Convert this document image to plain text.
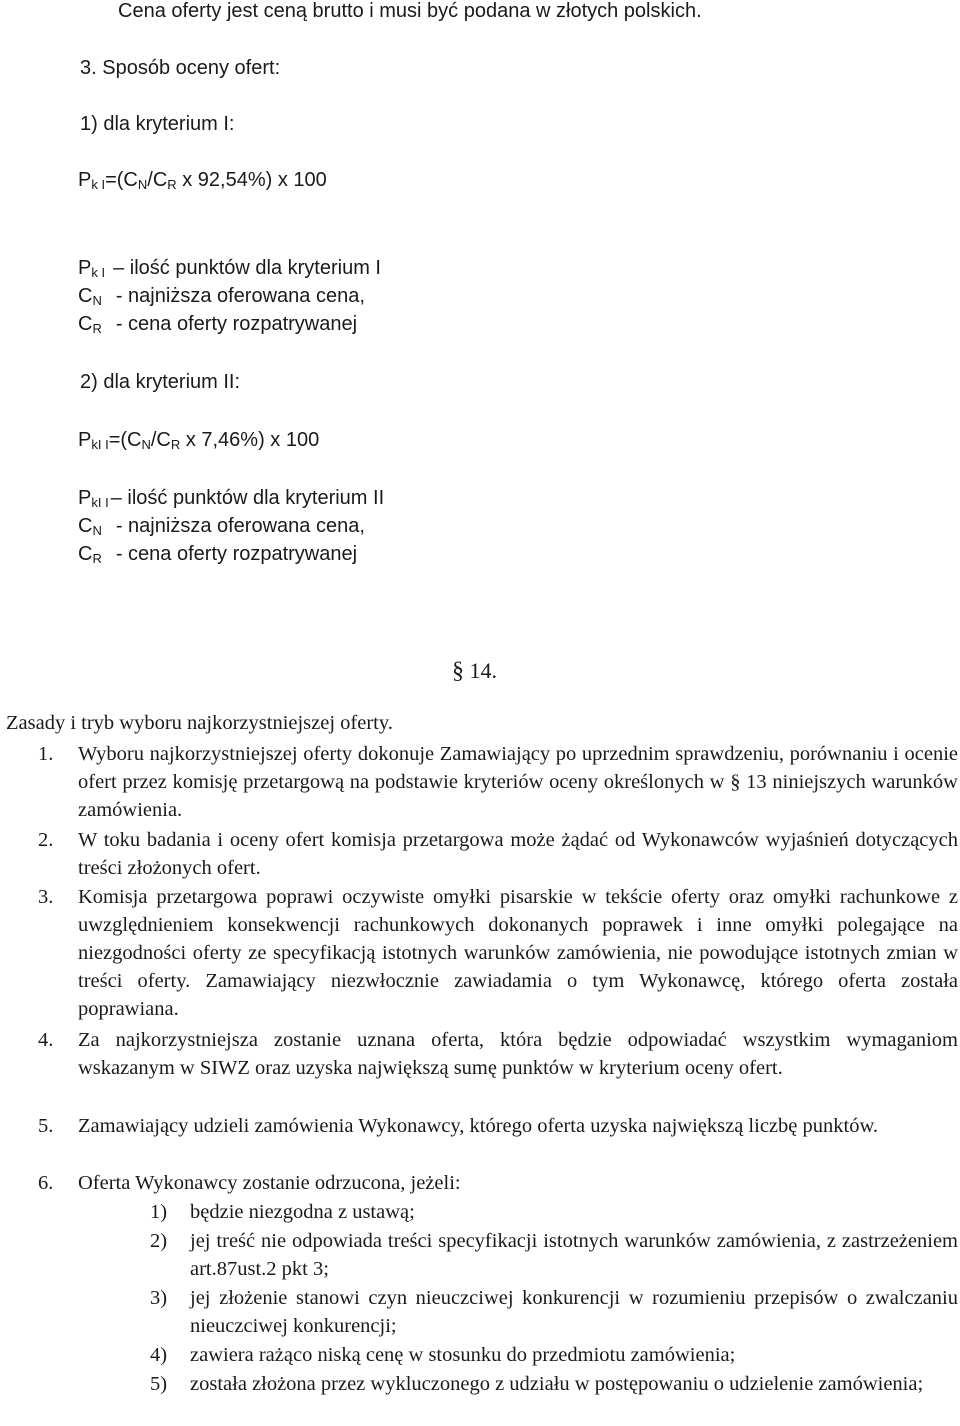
Cena oferty jest ceną brutto i musi być podana w złotych polskich.
3. Sposób oceny ofert:
1) dla kryterium I:
$P_{k I}=(C_N/C_R$ x 92,54%) x 100
$P_{k I}$ – ilość punktów dla kryterium I
$C_N$ - najniższa oferowana cena,
$C_R$ - cena oferty rozpatrywanej
2) dla kryterium II:
$P_{kI I}=(C_N/C_R$ x 7,46%) x 100
$P_{kI I}$ – ilość punktów dla kryterium II
$C_N$ - najniższa oferowana cena,
$C_R$ - cena oferty rozpatrywanej
§ 14.
Zasady i tryb wyboru najkorzystniejszej oferty.
1. Wyboru najkorzystniejszej oferty dokonuje Zamawiający po uprzednim sprawdzeniu, porównaniu i ocenie ofert przez komisję przetargową na podstawie kryteriów oceny określonych w § 13 niniejszych warunków zamówienia.
2. W toku badania i oceny ofert komisja przetargowa może żądać od Wykonawców wyjaśnień dotyczących treści złożonych ofert.
3. Komisja przetargowa poprawi oczywiste omyłki pisarskie w tekście oferty oraz omyłki rachunkowe z uwzględnieniem konsekwencji rachunkowych dokonanych poprawek i inne omyłki polegające na niezgodności oferty ze specyfikacją istotnych warunków zamówienia, nie powodujące istotnych zmian w treści oferty. Zamawiający niezwłocznie zawiadamia o tym Wykonawcę, którego oferta została poprawiana.
4. Za najkorzystniejsza zostanie uznana oferta, która będzie odpowiadać wszystkim wymaganiom wskazanym w SIWZ oraz uzyska największą sumę punktów w kryterium oceny ofert.
5. Zamawiający udzieli zamówienia Wykonawcy, którego oferta uzyska największą liczbę punktów.
6. Oferta Wykonawcy zostanie odrzucona, jeżeli:
1) będzie niezgodna z ustawą;
2) jej treść nie odpowiada treści specyfikacji istotnych warunków zamówienia, z zastrzeżeniem art.87ust.2 pkt 3;
3) jej złożenie stanowi czyn nieuczciwej konkurencji w rozumieniu przepisów o zwalczaniu nieuczciwej konkurencji;
4) zawiera rażąco niską cenę w stosunku do przedmiotu zamówienia;
5) została złożona przez wykluczonego z udziału w postępowaniu o udzielenie zamówienia;
